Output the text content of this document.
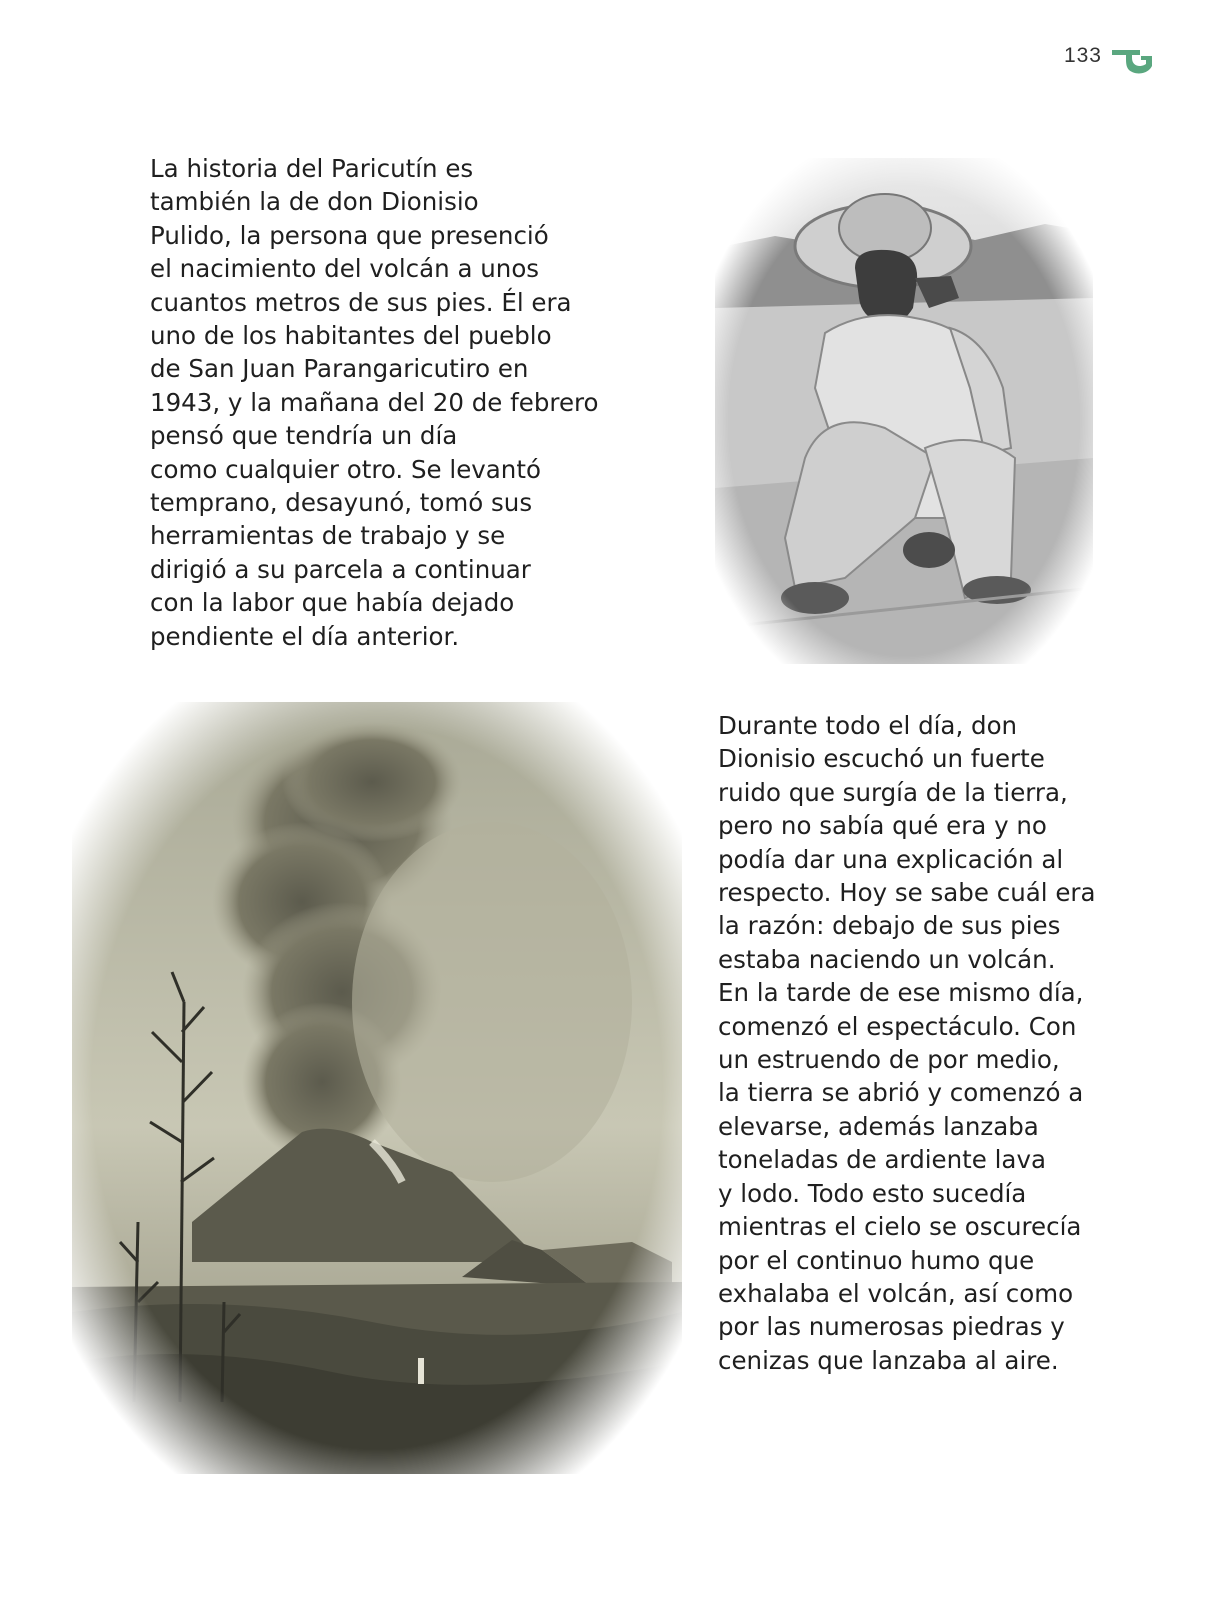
133

La historia del Paricutín es
también la de don Dionisio
Pulido, la persona que presenció
el nacimiento del volcán a unos
cuantos metros de sus pies. Él era
uno de los habitantes del pueblo
de San Juan Parangaricutiro en
1943, y la mañana del 20 de febrero
pensó que tendría un día
como cualquier otro. Se levantó
temprano, desayunó, tomó sus
herramientas de trabajo y se
dirigió a su parcela a continuar
con la labor que había dejado
pendiente el día anterior.

Durante todo el día, don
Dionisio escuchó un fuerte
ruido que surgía de la tierra,
pero no sabía qué era y no
podía dar una explicación al
respecto. Hoy se sabe cuál era
la razón: debajo de sus pies
estaba naciendo un volcán.
En la tarde de ese mismo día,
comenzó el espectáculo. Con
un estruendo de por medio,
la tierra se abrió y comenzó a
elevarse, además lanzaba
toneladas de ardiente lava
y lodo. Todo esto sucedía
mientras el cielo se oscurecía
por el continuo humo que
exhalaba el volcán, así como
por las numerosas piedras y
cenizas que lanzaba al aire.
